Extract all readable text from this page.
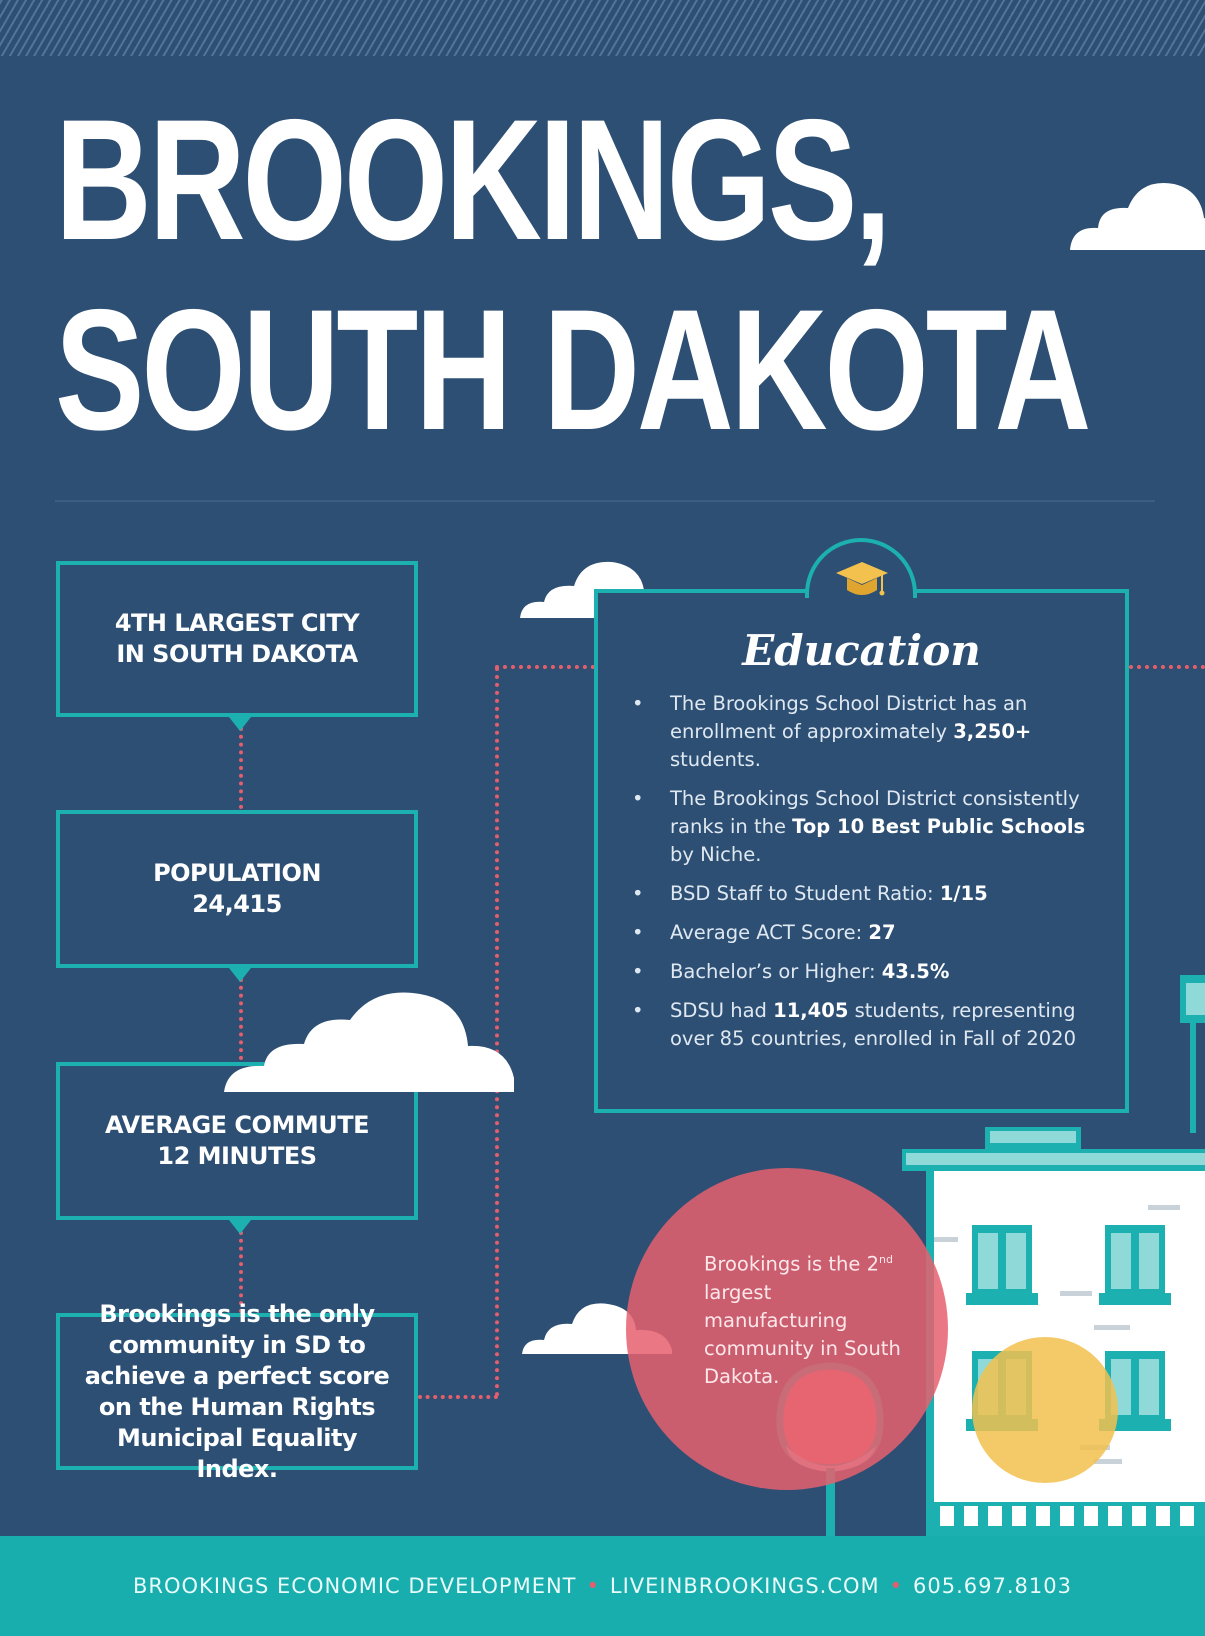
BROOKINGS,
SOUTH DAKOTA
4TH LARGEST CITY
IN SOUTH DAKOTA
POPULATION
24,415
AVERAGE COMMUTE
12 MINUTES
Brookings is the only community in SD to achieve a perfect score on the Human Rights Municipal Equality Index.
Education
• The Brookings School District has an enrollment of approximately 3,250+ students.
• The Brookings School District consistently ranks in the Top 10 Best Public Schools by Niche.
• BSD Staff to Student Ratio: 1/15
• Average ACT Score: 27
• Bachelor’s or Higher: 43.5%
• SDSU had 11,405 students, representing over 85 countries, enrolled in Fall of 2020
Brookings is the 2nd largest manufacturing community in South Dakota.
BROOKINGS ECONOMIC DEVELOPMENT • LIVEINBROOKINGS.COM • 605.697.8103
